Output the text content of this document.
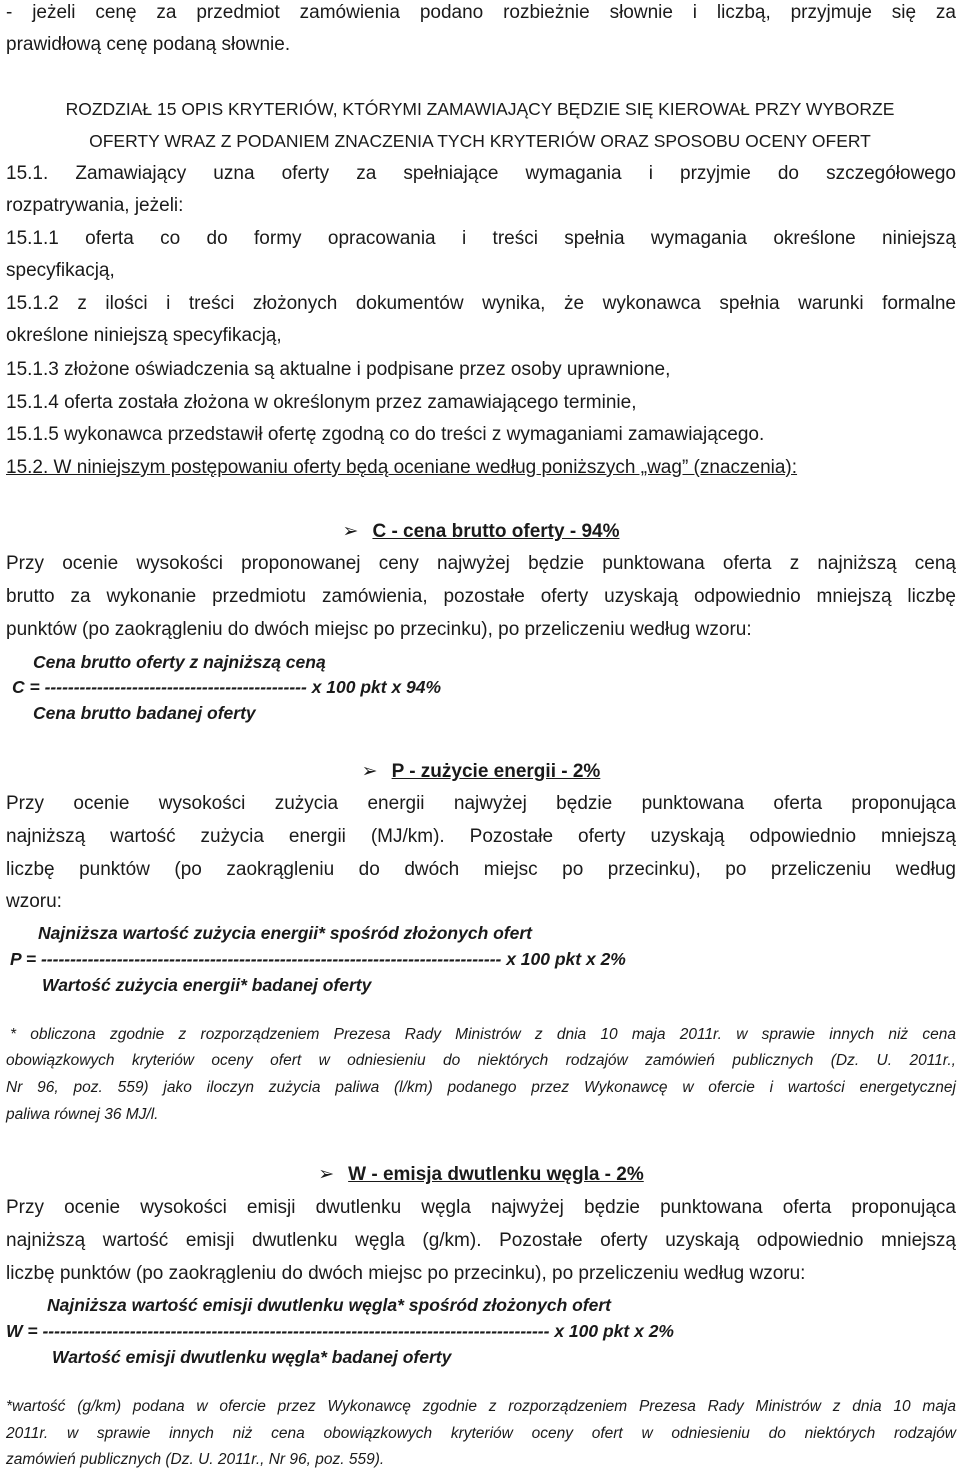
- jeżeli cenę za przedmiot zamówienia podano rozbieżnie słownie i liczbą, przyjmuje się za
prawidłową cenę podaną słownie.
ROZDZIAŁ 15 OPIS KRYTERIÓW, KTÓRYMI ZAMAWIAJĄCY BĘDZIE SIĘ KIEROWAŁ PRZY WYBORZE
OFERTY WRAZ Z PODANIEM ZNACZENIA TYCH KRYTERIÓW ORAZ SPOSOBU OCENY OFERT
15.1. Zamawiający uzna oferty za spełniające wymagania i przyjmie do szczegółowego
rozpatrywania, jeżeli:
15.1.1 oferta co do formy opracowania i treści spełnia wymagania określone niniejszą
specyfikacją,
15.1.2 z ilości i treści złożonych dokumentów wynika, że wykonawca spełnia warunki formalne
określone niniejszą specyfikacją,
15.1.3 złożone oświadczenia są aktualne i podpisane przez osoby uprawnione,
15.1.4 oferta została złożona w określonym przez zamawiającego terminie,
15.1.5 wykonawca przedstawił ofertę zgodną co do treści z wymaganiami zamawiającego.
15.2. W niniejszym postępowaniu oferty będą oceniane według poniższych „wag” (znaczenia):
➢ C - cena brutto oferty - 94%
Przy ocenie wysokości proponowanej ceny najwyżej będzie punktowana oferta z najniższą ceną
brutto za wykonanie przedmiotu zamówienia, pozostałe oferty uzyskają odpowiednio mniejszą liczbę
punktów (po zaokrągleniu do dwóch miejsc po przecinku), po przeliczeniu według wzoru:
Cena brutto oferty z najniższą ceną
C = --------------------------------------------- x 100 pkt x 94%
Cena brutto badanej oferty
➢ P - zużycie energii - 2%
Przy ocenie wysokości zużycia energii najwyżej będzie punktowana oferta proponująca
najniższą wartość zużycia energii (MJ/km). Pozostałe oferty uzyskają odpowiednio mniejszą
liczbę punktów (po zaokrągleniu do dwóch miejsc po przecinku), po przeliczeniu według
wzoru:
Najniższa wartość zużycia energii* spośród złożonych ofert
P = ------------------------------------------------------------------------------- x 100 pkt x 2%
Wartość zużycia energii* badanej oferty
* obliczona zgodnie z rozporządzeniem Prezesa Rady Ministrów z dnia 10 maja 2011r. w sprawie innych niż cena
obowiązkowych kryteriów oceny ofert w odniesieniu do niektórych rodzajów zamówień publicznych (Dz. U. 2011r.,
Nr 96, poz. 559) jako iloczyn zużycia paliwa (l/km) podanego przez Wykonawcę w ofercie i wartości energetycznej
paliwa równej 36 MJ/l.
➢ W - emisja dwutlenku węgla - 2%
Przy ocenie wysokości emisji dwutlenku węgla najwyżej będzie punktowana oferta proponująca
najniższą wartość emisji dwutlenku węgla (g/km). Pozostałe oferty uzyskają odpowiednio mniejszą
liczbę punktów (po zaokrągleniu do dwóch miejsc po przecinku), po przeliczeniu według wzoru:
Najniższa wartość emisji dwutlenku węgla* spośród złożonych ofert
W = --------------------------------------------------------------------------------------- x 100 pkt x 2%
Wartość emisji dwutlenku węgla* badanej oferty
*wartość (g/km) podana w ofercie przez Wykonawcę zgodnie z rozporządzeniem Prezesa Rady Ministrów z dnia 10 maja
2011r. w sprawie innych niż cena obowiązkowych kryteriów oceny ofert w odniesieniu do niektórych rodzajów
zamówień publicznych (Dz. U. 2011r., Nr 96, poz. 559).
